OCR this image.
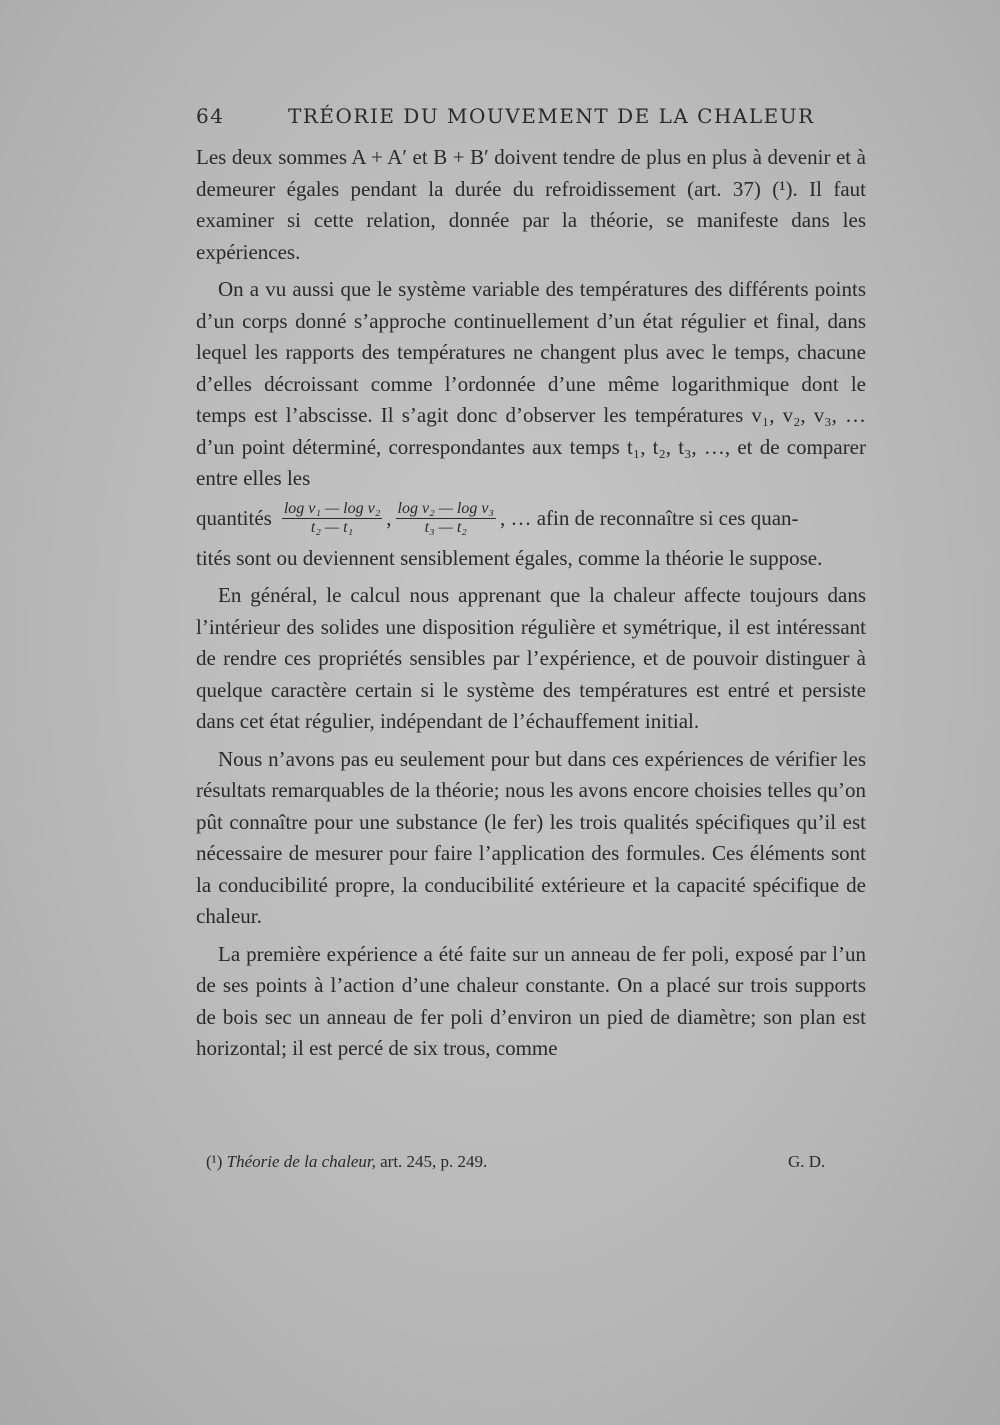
64	TRÉORIE DU MOUVEMENT DE LA CHALEUR

Les deux sommes A + A′ et B + B′ doivent tendre de plus en plus à devenir et à demeurer égales pendant la durée du refroidissement (art. 37) (¹). Il faut examiner si cette relation, donnée par la théorie, se manifeste dans les expériences.

On a vu aussi que le système variable des températures des différents points d’un corps donné s’approche continuellement d’un état régulier et final, dans lequel les rapports des températures ne changent plus avec le temps, chacune d’elles décroissant comme l’ordonnée d’une même logarithmique dont le temps est l’abscisse. Il s’agit donc d’observer les températures v₁, v₂, v₃, … d’un point déterminé, correspondantes aux temps t₁, t₂, t₃, …, et de comparer entre elles les

quantités $\frac{\text{log v₁ — log v₂}}{\text{t₂ — t₁}}$ , $\frac{\text{log v₂ — log v₃}}{\text{t₃ — t₂}}$ , … afin de reconnaître si ces quan-

tités sont ou deviennent sensiblement égales, comme la théorie le suppose.

En général, le calcul nous apprenant que la chaleur affecte toujours dans l’intérieur des solides une disposition régulière et symétrique, il est intéressant de rendre ces propriétés sensibles par l’expérience, et de pouvoir distinguer à quelque caractère certain si le système des températures est entré et persiste dans cet état régulier, indépendant de l’échauffement initial.

Nous n’avons pas eu seulement pour but dans ces expériences de vérifier les résultats remarquables de la théorie; nous les avons encore choisies telles qu’on pût connaître pour une substance (le fer) les trois qualités spécifiques qu’il est nécessaire de mesurer pour faire l’application des formules. Ces éléments sont la conducibilité propre, la conducibilité extérieure et la capacité spécifique de chaleur.

La première expérience a été faite sur un anneau de fer poli, exposé par l’un de ses points à l’action d’une chaleur constante. On a placé sur trois supports de bois sec un anneau de fer poli d’environ un pied de diamètre; son plan est horizontal; il est percé de six trous, comme

(¹) Théorie de la chaleur, art. 245, p. 249.	G. D.
